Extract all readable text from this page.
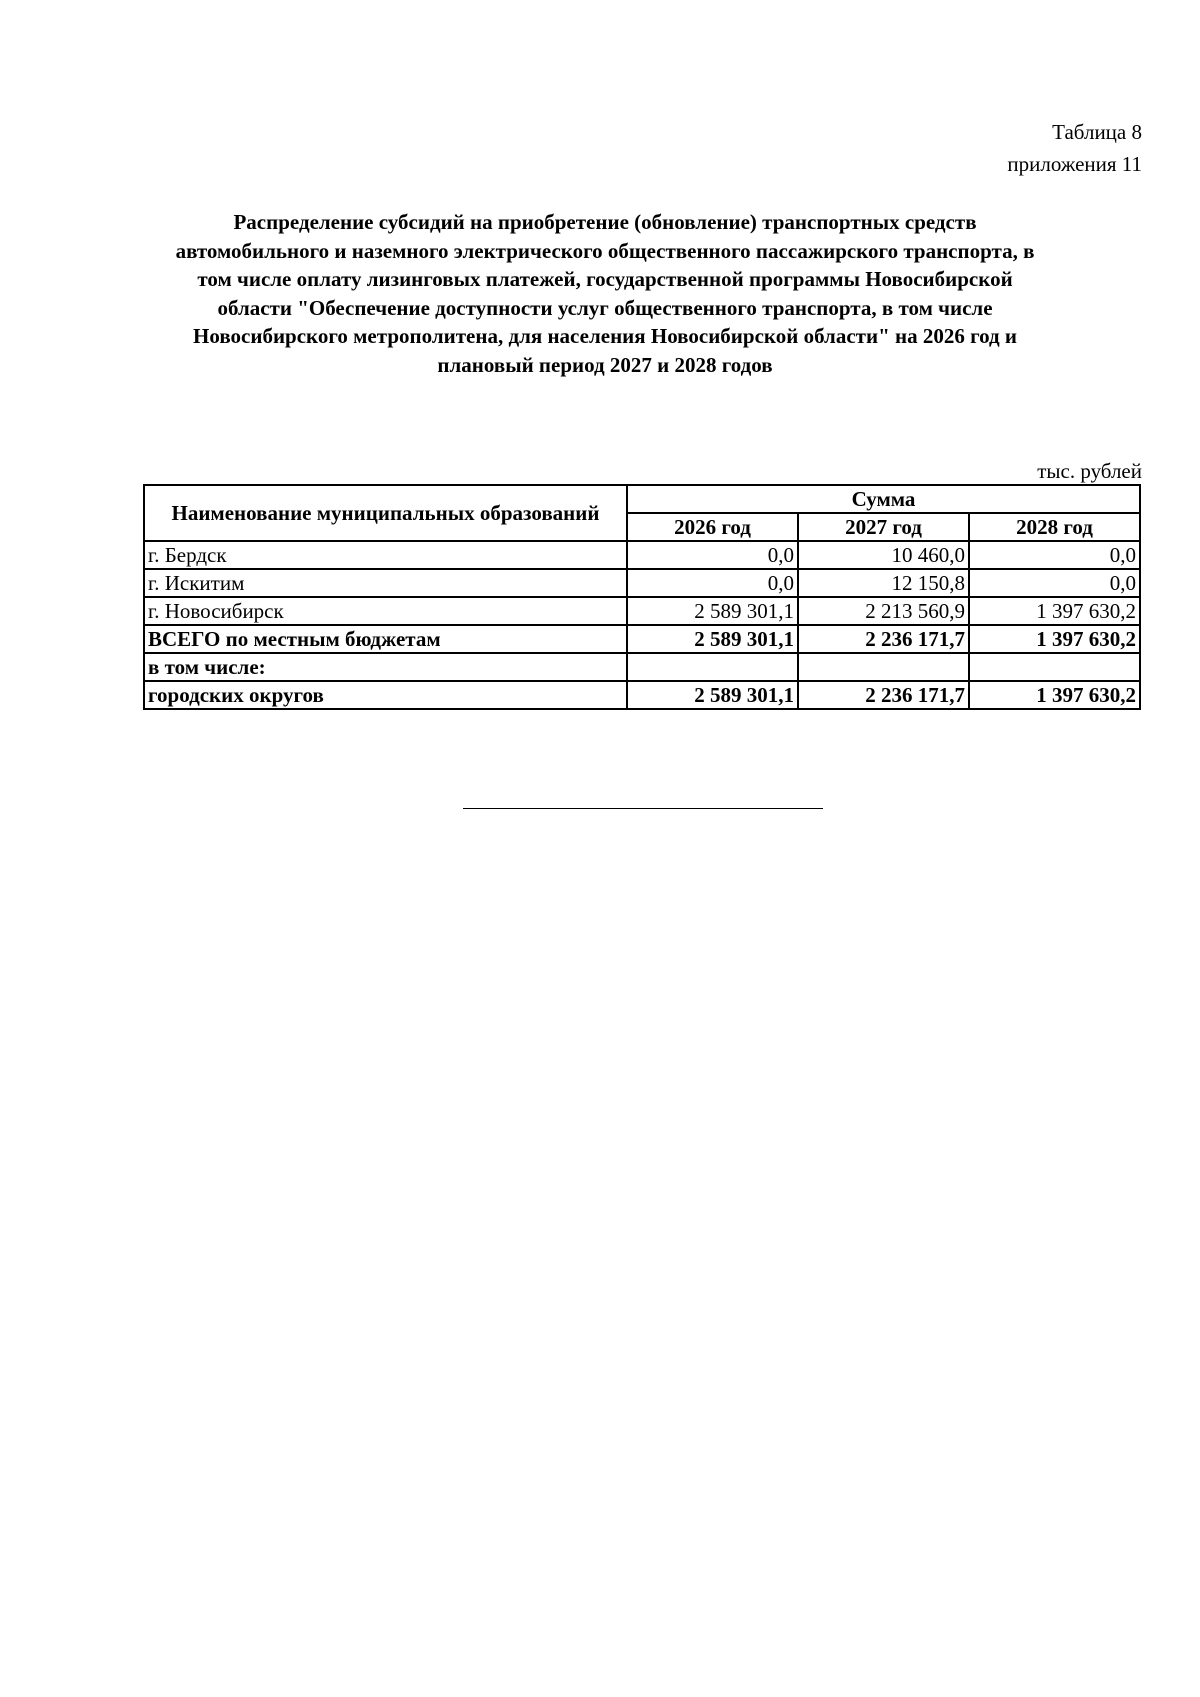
Таблица 8
приложения 11
Распределение субсидий на приобретение (обновление) транспортных средств
автомобильного и наземного электрического общественного пассажирского транспорта, в
том числе оплату лизинговых платежей, государственной программы Новосибирской
области "Обеспечение доступности услуг общественного транспорта, в том числе
Новосибирского метрополитена, для населения Новосибирской области" на 2026 год и
плановый период 2027 и 2028 годов
тыс. рублей
Наименование муниципальных образований	Сумма		
	2026 год	2027 год	2028 год
г. Бердск	0,0	10 460,0	0,0
г. Искитим	0,0	12 150,8	0,0
г. Новосибирск	2 589 301,1	2 213 560,9	1 397 630,2
ВСЕГО по местным бюджетам	2 589 301,1	2 236 171,7	1 397 630,2
в том числе:			
городских округов	2 589 301,1	2 236 171,7	1 397 630,2
